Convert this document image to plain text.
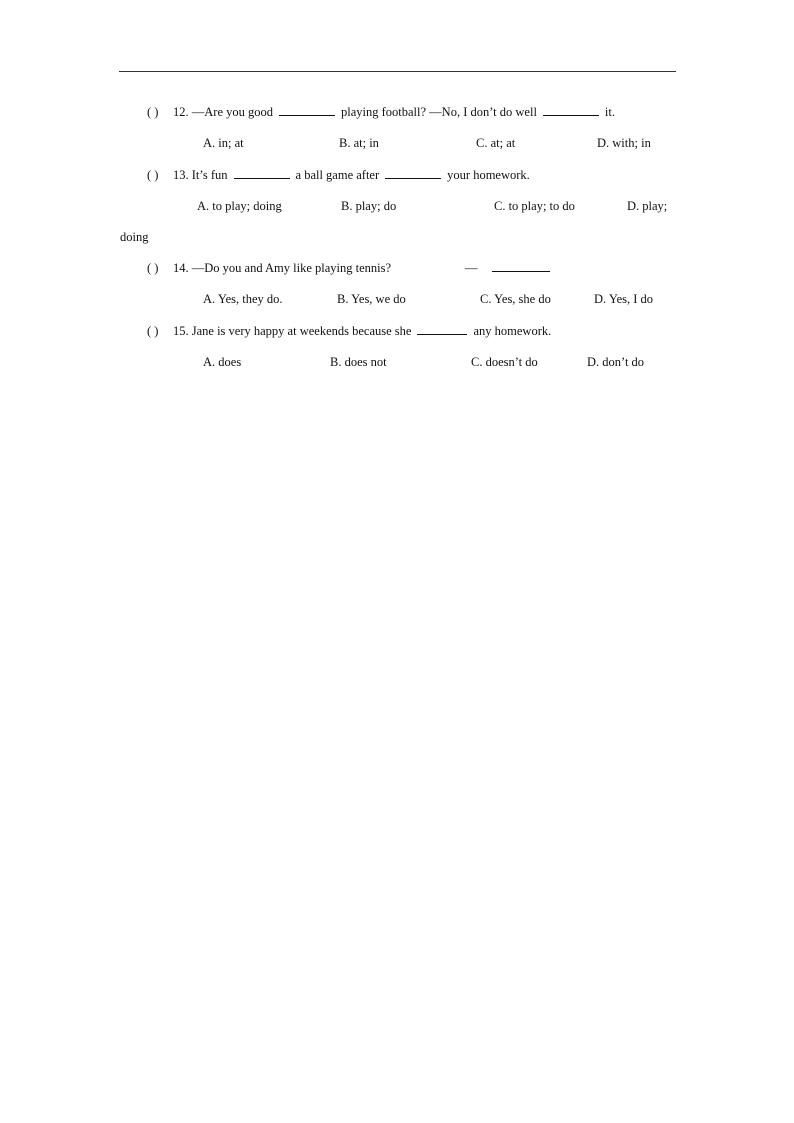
( ) 12. —Are you good	playing football? —No, I don’t do well	it.
A. in; at	B. at; in	C. at; at	D. with; in
( ) 13. It’s fun	a ball game after	your homework.
A. to play; doing	B. play; do	C. to play; to do	D. play;
doing
( ) 14. —Do you and Amy like playing tennis?	—
A. Yes, they do.	B. Yes, we do	C. Yes, she do	D. Yes, I do
( ) 15. Jane is very happy at weekends because she	any homework.
A. does	B. does not	C. doesn’t do	D. don’t do
